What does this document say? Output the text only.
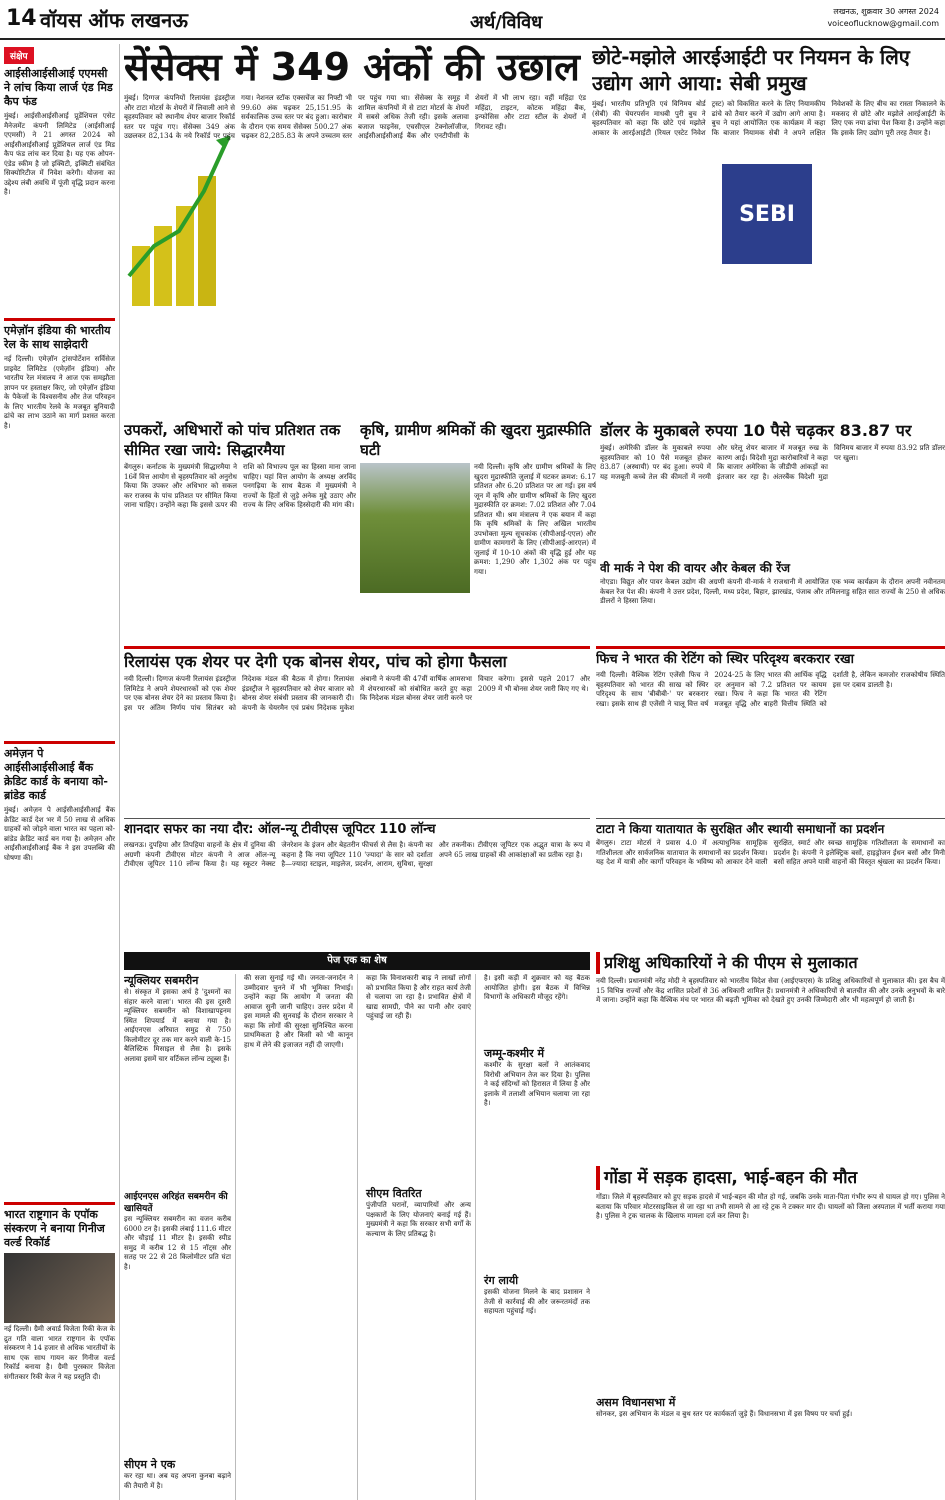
14 वॉयस ऑफ लखनऊ	अर्थ/विविध
लखनऊ, शुक्रवार 30 अगस्त 2024
voiceoflucknow@gmail.com
संक्षेप
आईसीआईसीआई एएमसी ने लांच किया लार्ज एंड मिड कैप फंड
मुंबई। आईसीआईसीआई प्रूडेंशियल एसेट मैनेजमेंट कंपनी लिमिटेड (आईसीआई एएमसी) ने 21 अगस्त 2024 को आईसीआईसीआई प्रूडेंशियल लार्ज एंड मिड कैप फंड लांच कर दिया है। यह एक ओपन-एंडेड स्कीम है जो इक्विटी, इक्विटी संबंधित सिक्योरिटीज में निवेश करेगी। योजना का उद्देश्य लंबी अवधि में पूंजी वृद्धि प्रदान करना है।
एमेज़ॉन इंडिया की भारतीय रेल के साथ साझेदारी
नई दिल्ली। एमेज़ॉन ट्रांसपोर्टेशन सर्विसेज प्राइवेट लिमिटेड (एमेज़ॉन इंडिया) और भारतीय रेल मंत्रालय ने आज एक समझौता ज्ञापन पर हस्ताक्षर किए, जो एमेज़ॉन इंडिया के पैकेजों के विश्वसनीय और तेज परिवहन के लिए भारतीय रेलवे के मजबूत बुनियादी ढांचे का लाभ उठाने का मार्ग प्रशस्त करता है।
अमेज़न पे आईसीआईसीआई बैंक क्रेडिट कार्ड के बनाया को-ब्रांडेड कार्ड
मुंबई। अमेज़न पे आईसीआईसीआई बैंक क्रेडिट कार्ड देश भर में 50 लाख से अधिक ग्राहकों को जोड़ने वाला भारत का पहला को-ब्रांडेड क्रेडिट कार्ड बन गया है। अमेज़न और आईसीआईसीआई बैंक ने इस उपलब्धि की घोषणा की।
भारत राष्ट्रगान के एपॉक संस्करण ने बनाया गिनीज वर्ल्ड रिकॉर्ड
नई दिल्ली। ग्रैमी अवार्ड विजेता रिकी केज के द्रुत गति वाला भारत राष्ट्रगान के एपॉक संस्करण ने 14 हजार से अधिक भारतीयों के साथ एक साथ गायन कर गिनीज वर्ल्ड रिकॉर्ड बनाया है। ग्रैमी पुरस्कार विजेता संगीतकार रिकी केज ने यह प्रस्तुति दी।
सेंसेक्स में 349 अंकों की उछाल
मुंबई। दिग्गज कंपनियों रिलायंस इंडस्ट्रीज और टाटा मोटर्स के शेयरों में लिवाली आने से बृहस्पतिवार को स्थानीय शेयर बाजार रिकॉर्ड स्तर पर पहुंच गए। सेंसेक्स 349 अंक उछलकर 82,134 के नये रिकॉर्ड पर पहुंच गया। नेशनल स्टॉक एक्सचेंज का निफ्टी भी 99.60 अंक चढ़कर 25,151.95 के सर्वकालिक उच्च स्तर पर बंद हुआ। कारोबार के दौरान एक समय सेंसेक्स 500.27 अंक चढ़कर 82,285.83 के अपने उच्चतम स्तर पर पहुंच गया था। सेंसेक्स के समूह में शामिल कंपनियों में से टाटा मोटर्स के शेयरों में सबसे अधिक तेजी रही। इसके अलावा बजाज फाइनेंस, एचसीएल टेक्नोलॉजीज, आईसीआईसीआई बैंक और एनटीपीसी के शेयरों में भी लाभ रहा। वहीं महिंद्रा एंड महिंद्रा, टाइटन, कोटक महिंद्रा बैंक, इन्फोसिस और टाटा स्टील के शेयरों में गिरावट रही।
छोटे-मझोले आरईआईटी पर नियमन के लिए उद्योग आगे आया: सेबी प्रमुख
मुंबई। भारतीय प्रतिभूति एवं विनिमय बोर्ड (सेबी) की चेयरपर्सन माधबी पुरी बुच ने बृहस्पतिवार को कहा कि छोटे एवं मझोले आकार के आरईआईटी (रियल एस्टेट निवेश ट्रस्ट) को विकसित करने के लिए नियामकीय ढांचे को तैयार करने में उद्योग आगे आया है। बुच ने यहां आयोजित एक कार्यक्रम में कहा कि बाजार नियामक सेबी ने अपने लक्षित निवेशकों के लिए बीच का रास्ता निकालने के मकसद से छोटे और मझोले आरईआईटी के लिए एक नया ढांचा पेश किया है। उन्होंने कहा कि इसके लिए उद्योग पूरी तरह तैयार है।
SEBI
उपकरों, अधिभारों को पांच प्रतिशत तक सीमित रखा जाये: सिद्धारमैया
बेंगलुरु। कर्नाटक के मुख्यमंत्री सिद्धारमैया ने 16वें वित्त आयोग से बृहस्पतिवार को अनुरोध किया कि उपकर और अधिभार को सकल कर राजस्व के पांच प्रतिशत पर सीमित किया जाना चाहिए। उन्होंने कहा कि इससे ऊपर की राशि को विभाज्य पूल का हिस्सा माना जाना चाहिए। यहां वित्त आयोग के अध्यक्ष अरविंद पनगढ़िया के साथ बैठक में मुख्यमंत्री ने राज्यों के हितों से जुड़े अनेक मुद्दे उठाए और राज्य के लिए अधिक हिस्सेदारी की मांग की।
कृषि, ग्रामीण श्रमिकों की खुदरा मुद्रास्फीति घटी
नयी दिल्ली। कृषि और ग्रामीण श्रमिकों के लिए खुदरा मुद्रास्फीति जुलाई में घटकर क्रमश: 6.17 प्रतिशत और 6.20 प्रतिशत पर आ गई। इस वर्ष जून में कृषि और ग्रामीण श्रमिकों के लिए खुदरा मुद्रास्फीति दर क्रमश: 7.02 प्रतिशत और 7.04 प्रतिशत थी। श्रम मंत्रालय ने एक बयान में कहा कि कृषि श्रमिकों के लिए अखिल भारतीय उपभोक्ता मूल्य सूचकांक (सीपीआई-एएल) और ग्रामीण कामगारों के लिए (सीपीआई-आरएल) में जुलाई में 10-10 अंकों की वृद्धि हुई और यह क्रमश: 1,290 और 1,302 अंक पर पहुंच गया।
डॉलर के मुकाबले रुपया 10 पैसे चढ़कर 83.87 पर
मुंबई। अमेरिकी डॉलर के मुकाबले रुपया बृहस्पतिवार को 10 पैसे मजबूत होकर 83.87 (अस्थायी) पर बंद हुआ। रुपये में यह मजबूती कच्चे तेल की कीमतों में नरमी और घरेलू शेयर बाजार में मजबूत रुख के कारण आई। विदेशी मुद्रा कारोबारियों ने कहा कि बाजार अमेरिका के जीडीपी आंकड़ों का इंतजार कर रहा है। अंतरबैंक विदेशी मुद्रा विनिमय बाजार में रुपया 83.92 प्रति डॉलर पर खुला।
वी मार्क ने पेश की वायर और केबल की रेंज
नोएडा। विद्युत और पावर केबल उद्योग की अग्रणी कंपनी वी-मार्क ने राजधानी में आयोजित एक भव्य कार्यक्रम के दौरान अपनी नवीनतम केबल रेंज पेश की। कंपनी ने उत्तर प्रदेश, दिल्ली, मध्य प्रदेश, बिहार, झारखंड, पंजाब और तमिलनाडु सहित सात राज्यों के 250 से अधिक डीलरों ने हिस्सा लिया।
रिलायंस एक शेयर पर देगी एक बोनस शेयर, पांच को होगा फैसला
नयी दिल्ली। दिग्गज कंपनी रिलायंस इंडस्ट्रीज लिमिटेड ने अपने शेयरधारकों को एक शेयर पर एक बोनस शेयर देने का प्रस्ताव किया है। इस पर अंतिम निर्णय पांच सितंबर को निदेशक मंडल की बैठक में होगा। रिलायंस इंडस्ट्रीज ने बृहस्पतिवार को शेयर बाजार को बोनस शेयर संबंधी प्रस्ताव की जानकारी दी। कंपनी के चेयरमैन एवं प्रबंध निदेशक मुकेश अंबानी ने कंपनी की 47वीं वार्षिक आमसभा में शेयरधारकों को संबोधित करते हुए कहा कि निदेशक मंडल बोनस शेयर जारी करने पर विचार करेगा। इससे पहले 2017 और 2009 में भी बोनस शेयर जारी किए गए थे।
फिच ने भारत की रेटिंग को स्थिर परिदृश्य बरकरार रखा
नयी दिल्ली। वैश्विक रेटिंग एजेंसी फिच ने बृहस्पतिवार को भारत की साख को स्थिर परिदृश्य के साथ 'बीबीबी-' पर बरकरार रखा। इसके साथ ही एजेंसी ने चालू वित्त वर्ष 2024-25 के लिए भारत की आर्थिक वृद्धि दर अनुमान को 7.2 प्रतिशत पर कायम रखा। फिच ने कहा कि भारत की रेटिंग मजबूत वृद्धि और बाहरी वित्तीय स्थिति को दर्शाती है, लेकिन कमजोर राजकोषीय स्थिति इस पर दबाव डालती है।
शानदार सफर का नया दौर: ऑल-न्यू टीवीएस जूपिटर 110 लॉन्च
लखनऊ। दुपहिया और तिपहिया वाहनों के क्षेत्र में दुनिया की अग्रणी कंपनी टीवीएस मोटर कंपनी ने आज ऑल-न्यू टीवीएस जूपिटर 110 लॉन्च किया है। यह स्कूटर नेक्स्ट जेनरेशन के इंजन और बेहतरीन फीचर्स से लैस है। कंपनी का कहना है कि नया जूपिटर 110 'ज्यादा' के सार को दर्शाता है—ज्यादा स्टाइल, माइलेज, प्रदर्शन, आराम, सुविधा, सुरक्षा और तकनीक। टीवीएस जूपिटर एक अद्भुत यात्रा के रूप में अपने 65 लाख ग्राहकों की आकांक्षाओं का प्रतीक रहा है।
टाटा ने किया यातायात के सुरक्षित और स्थायी समाधानों का प्रदर्शन
बेंगलुरु। टाटा मोटर्स ने प्रवास 4.0 में अत्याधुनिक सामूहिक गतिशीलता और सार्वजनिक यातायात के समाधानों का प्रदर्शन किया। यह देश में यात्री और कार्गो परिवहन के भविष्य को आकार देने वाली सुरक्षित, स्मार्ट और स्वच्छ सामूहिक गतिशीलता के समाधानों का प्रदर्शन है। कंपनी ने इलेक्ट्रिक बसों, हाइड्रोजन ईंधन बसों और मिनी बसों सहित अपने यात्री वाहनों की विस्तृत श्रृंखला का प्रदर्शन किया।
पेज एक का शेष
न्यूक्लियर सबमरीन
से। संस्कृत में इसका अर्थ है 'दुश्मनों का संहार करने वाला'। भारत की इस दूसरी न्यूक्लियर सबमरीन को विशाखापट्टनम स्थित शिपयार्ड में बनाया गया है। आईएनएस अरिघात समुद्र से 750 किलोमीटर दूर तक मार करने वाली के-15 बैलिस्टिक मिसाइल से लैस है। इसके अलावा इसमें चार वर्टिकल लॉन्च ट्यूब्स हैं।
आईएनएस अरिहंत सबमरीन की खासियतें
इस न्यूक्लियर सबमरीन का वजन करीब 6000 टन है। इसकी लंबाई 111.6 मीटर और चौड़ाई 11 मीटर है। इसकी स्पीड समुद्र में करीब 12 से 15 नॉट्स और सतह पर 22 से 28 किलोमीटर प्रति घंटा है।
सीएम ने एक
कर रहा था। अब यह अपना कुनबा बढ़ाने की तैयारी में है।
की सजा सुनाई गई थी। जनता-जनार्दन ने उम्मीदवार चुनने में भी भूमिका निभाई। उन्होंने कहा कि आयोग में जनता की आवाज सुनी जानी चाहिए। उत्तर प्रदेश में इस मामले की सुनवाई के दौरान सरकार ने कहा कि लोगों की सुरक्षा सुनिश्चित करना प्राथमिकता है और किसी को भी कानून हाथ में लेने की इजाजत नहीं दी जाएगी।
कहा कि विनाशकारी बाढ़ ने लाखों लोगों को प्रभावित किया है और राहत कार्य तेजी से चलाया जा रहा है। प्रभावित क्षेत्रों में खाद्य सामग्री, पीने का पानी और दवाएं पहुंचाई जा रही हैं।
सीएम वितरित
पुंजीपति घरानों, व्यापारियों और अन्य पक्षकारों के लिए योजनाएं बनाई गई हैं। मुख्यमंत्री ने कहा कि सरकार सभी वर्गों के कल्याण के लिए प्रतिबद्ध है।
है। इसी कड़ी में शुक्रवार को यह बैठक आयोजित होगी। इस बैठक में विभिन्न विभागों के अधिकारी मौजूद रहेंगे।
जम्मू-कश्मीर में
कश्मीर के सुरक्षा बलों ने आतंकवाद विरोधी अभियान तेज कर दिया है। पुलिस ने कई संदिग्धों को हिरासत में लिया है और इलाके में तलाशी अभियान चलाया जा रहा है।
रंग लायी
इसकी योजना मिलने के बाद प्रशासन ने तेजी से कार्रवाई की और जरूरतमंदों तक सहायता पहुंचाई गई।
प्रशिक्षु अधिकारियों ने की पीएम से मुलाकात
नयी दिल्ली। प्रधानमंत्री नरेंद्र मोदी ने बृहस्पतिवार को भारतीय विदेश सेवा (आईएफएस) के प्रशिक्षु अधिकारियों से मुलाकात की। इस बैच में 15 विभिन्न राज्यों और केंद्र शासित प्रदेशों से 36 अधिकारी शामिल हैं। प्रधानमंत्री ने अधिकारियों से बातचीत की और उनके अनुभवों के बारे में जाना। उन्होंने कहा कि वैश्विक मंच पर भारत की बढ़ती भूमिका को देखते हुए उनकी जिम्मेदारी और भी महत्वपूर्ण हो जाती है।
गोंडा में सड़क हादसा, भाई-बहन की मौत
गोंडा। जिले में बृहस्पतिवार को हुए सड़क हादसे में भाई-बहन की मौत हो गई, जबकि उनके माता-पिता गंभीर रूप से घायल हो गए। पुलिस ने बताया कि परिवार मोटरसाइकिल से जा रहा था तभी सामने से आ रहे ट्रक ने टक्कर मार दी। घायलों को जिला अस्पताल में भर्ती कराया गया है। पुलिस ने ट्रक चालक के खिलाफ मामला दर्ज कर लिया है।
असम विधानसभा में
सोनकर, इस अभियान के मंडल व बुथ स्तर पर कार्यकर्ता जुड़े हैं। विधानसभा में इस विषय पर चर्चा हुई।
